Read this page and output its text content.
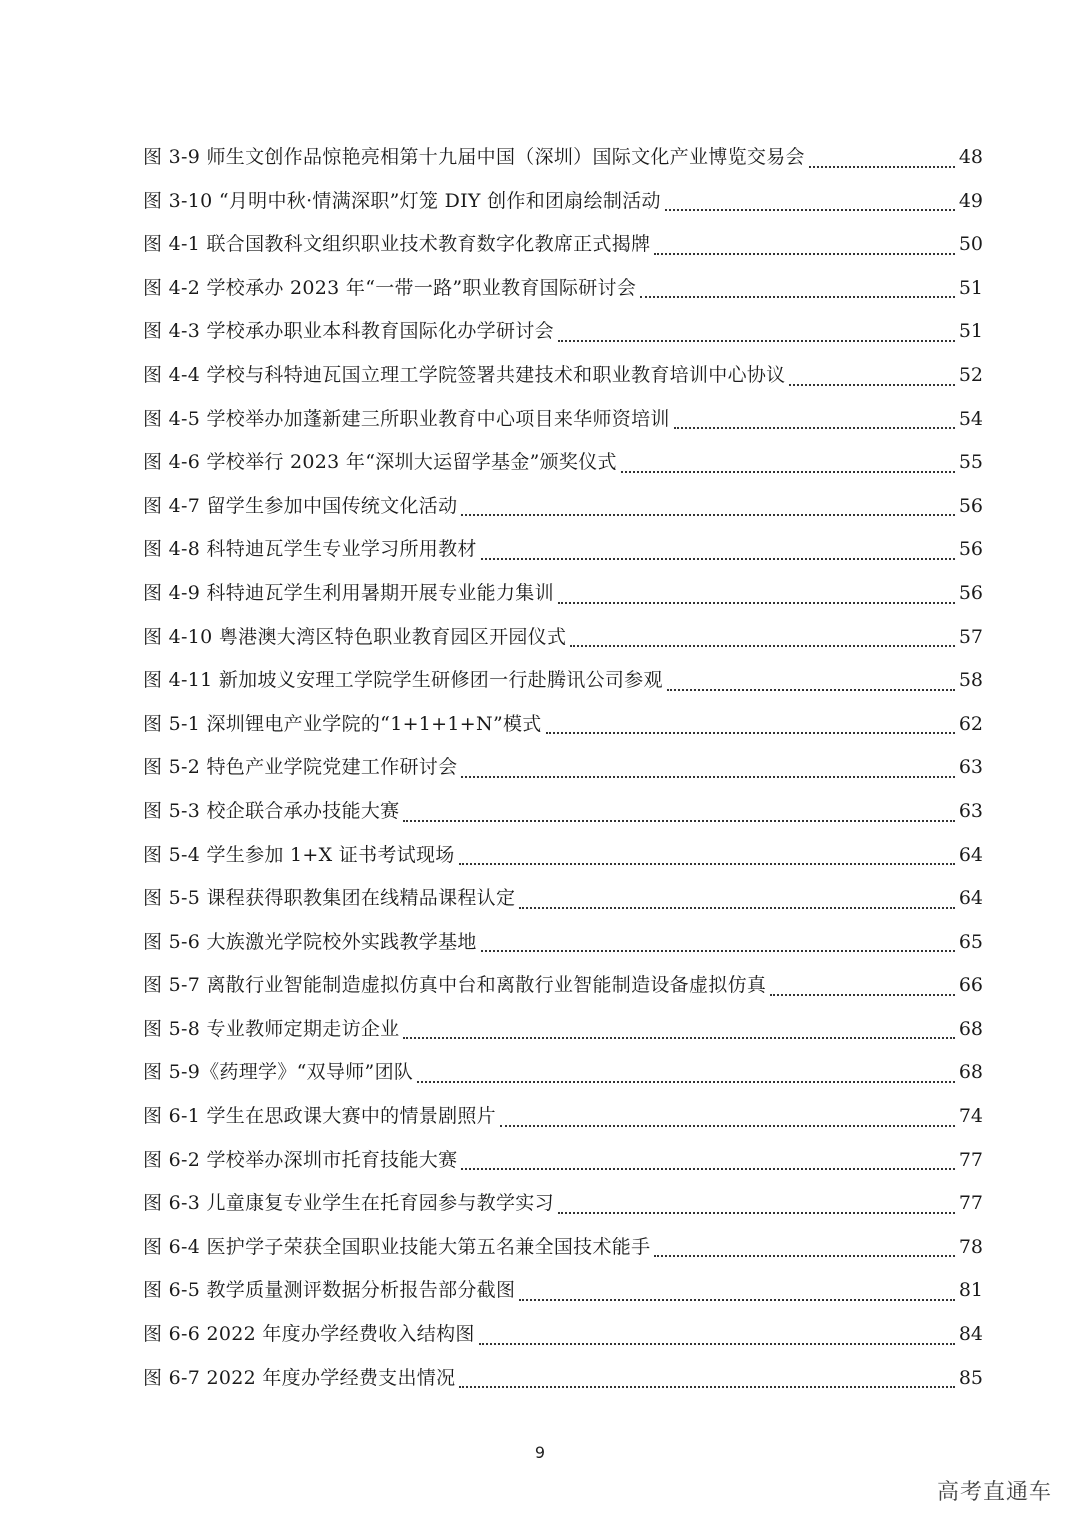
图 3-9 师生文创作品惊艳亮相第十九届中国（深圳）国际文化产业博览交易会	48
图 3-10 “月明中秋·情满深职”灯笼 DIY 创作和团扇绘制活动	49
图 4-1 联合国教科文组织职业技术教育数字化教席正式揭牌	50
图 4-2 学校承办 2023 年“一带一路”职业教育国际研讨会	51
图 4-3 学校承办职业本科教育国际化办学研讨会	51
图 4-4 学校与科特迪瓦国立理工学院签署共建技术和职业教育培训中心协议	52
图 4-5 学校举办加蓬新建三所职业教育中心项目来华师资培训	54
图 4-6 学校举行 2023 年“深圳大运留学基金”颁奖仪式	55
图 4-7 留学生参加中国传统文化活动	56
图 4-8 科特迪瓦学生专业学习所用教材	56
图 4-9 科特迪瓦学生利用暑期开展专业能力集训	56
图 4-10 粤港澳大湾区特色职业教育园区开园仪式	57
图 4-11 新加坡义安理工学院学生研修团一行赴腾讯公司参观	58
图 5-1 深圳锂电产业学院的“1+1+1+N”模式	62
图 5-2 特色产业学院党建工作研讨会	63
图 5-3 校企联合承办技能大赛	63
图 5-4 学生参加 1+X 证书考试现场	64
图 5-5 课程获得职教集团在线精品课程认定	64
图 5-6 大族激光学院校外实践教学基地	65
图 5-7 离散行业智能制造虚拟仿真中台和离散行业智能制造设备虚拟仿真	66
图 5-8 专业教师定期走访企业	68
图 5-9《药理学》“双导师”团队	68
图 6-1 学生在思政课大赛中的情景剧照片	74
图 6-2 学校举办深圳市托育技能大赛	77
图 6-3 儿童康复专业学生在托育园参与教学实习	77
图 6-4 医护学子荣获全国职业技能大第五名兼全国技术能手	78
图 6-5 教学质量测评数据分析报告部分截图	81
图 6-6 2022 年度办学经费收入结构图	84
图 6-7 2022 年度办学经费支出情况	85
9
高考直通车
